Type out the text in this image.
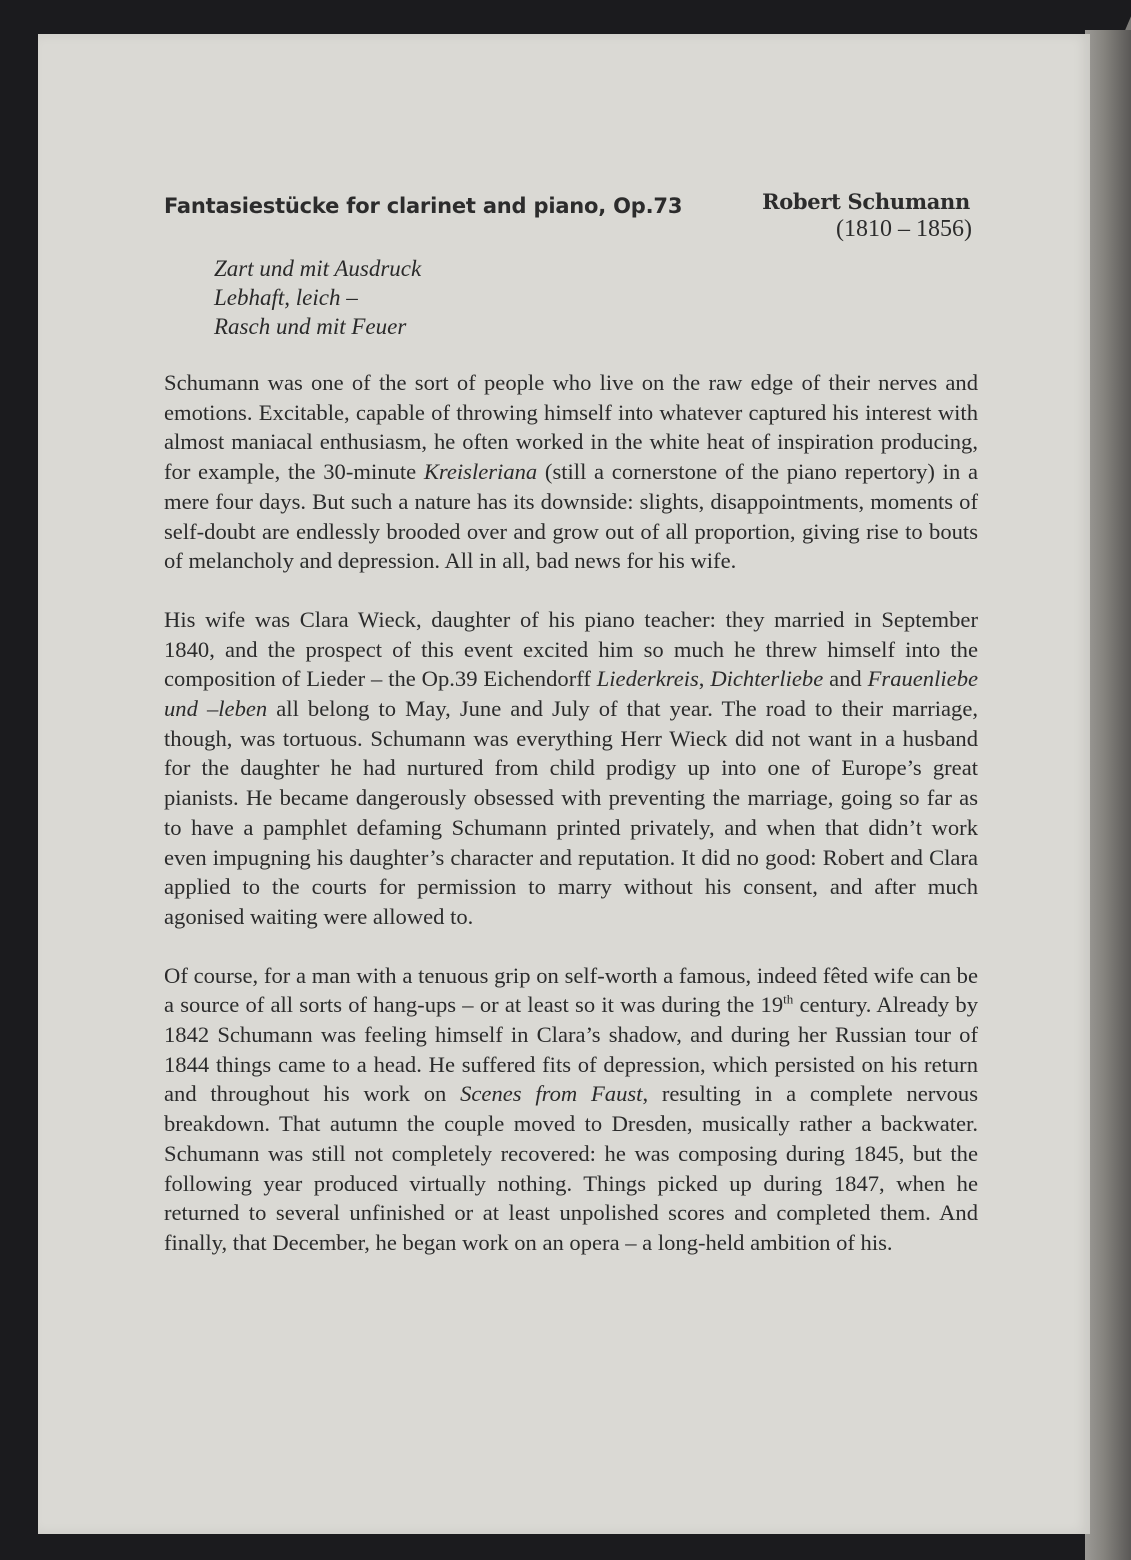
Fantasiestücke for clarinet and piano, Op.73	Robert Schumann
(1810 – 1856)
Zart und mit Ausdruck
Lebhaft, leich –
Rasch und mit Feuer

Schumann was one of the sort of people who live on the raw edge of their nerves and emotions. Excitable, capable of throwing himself into whatever captured his interest with almost maniacal enthusiasm, he often worked in the white heat of inspiration producing, for example, the 30-minute Kreisleriana (still a cornerstone of the piano repertory) in a mere four days. But such a nature has its downside: slights, disappointments, moments of self-doubt are endlessly brooded over and grow out of all proportion, giving rise to bouts of melancholy and depression. All in all, bad news for his wife.

His wife was Clara Wieck, daughter of his piano teacher: they married in September 1840, and the prospect of this event excited him so much he threw himself into the composition of Lieder – the Op.39 Eichendorff Liederkreis, Dichterliebe and Frauenliebe und –leben all belong to May, June and July of that year. The road to their marriage, though, was tortuous. Schumann was everything Herr Wieck did not want in a husband for the daughter he had nurtured from child prodigy up into one of Europe’s great pianists. He became dangerously obsessed with preventing the marriage, going so far as to have a pamphlet defaming Schumann printed privately, and when that didn’t work even impugning his daughter’s character and reputation. It did no good: Robert and Clara applied to the courts for permission to marry without his consent, and after much agonised waiting were allowed to.

Of course, for a man with a tenuous grip on self-worth a famous, indeed fêted wife can be a source of all sorts of hang-ups – or at least so it was during the 19th century. Already by 1842 Schumann was feeling himself in Clara’s shadow, and during her Russian tour of 1844 things came to a head. He suffered fits of depression, which persisted on his return and throughout his work on Scenes from Faust, resulting in a complete nervous breakdown. That autumn the couple moved to Dresden, musically rather a backwater. Schumann was still not completely recovered: he was composing during 1845, but the following year produced virtually nothing. Things picked up during 1847, when he returned to several unfinished or at least unpolished scores and completed them. And finally, that December, he began work on an opera – a long-held ambition of his.
